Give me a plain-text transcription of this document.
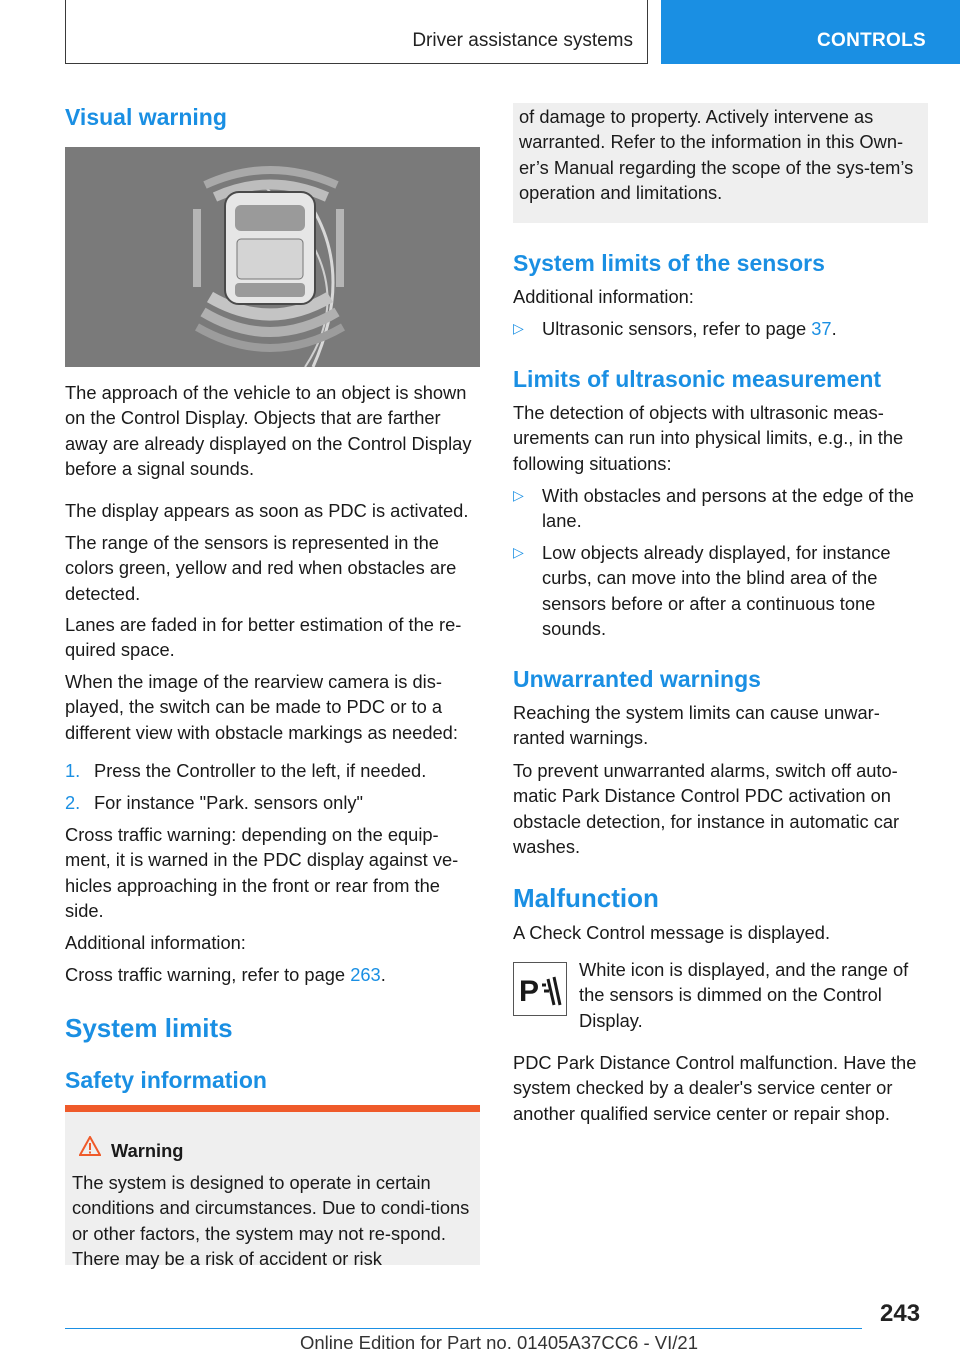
Driver assistance systems	CONTROLS
Visual warning

The approach of the vehicle to an object is shown on the Control Display. Objects that are farther away are already displayed on the Control Display before a signal sounds.

The display appears as soon as PDC is activated.

The range of the sensors is represented in the colors green, yellow and red when obstacles are detected.

Lanes are faded in for better estimation of the re‐quired space.

When the image of the rearview camera is dis‐played, the switch can be made to PDC or to a different view with obstacle markings as needed:

1. Press the Controller to the left, if needed.
2. For instance "Park. sensors only"

Cross traffic warning: depending on the equip‐ment, it is warned in the PDC display against ve‐hicles approaching in the front or rear from the side.

Additional information:

Cross traffic warning, refer to page 263.

System limits
Safety information
Warning

The system is designed to operate in certain conditions and circumstances. Due to condi‐tions or other factors, the system may not re‐spond. There may be a risk of accident or risk

of damage to property. Actively intervene as warranted. Refer to the information in this Own‐er’s Manual regarding the scope of the sys‐tem’s operation and limitations.

System limits of the sensors

Additional information:

▷ Ultrasonic sensors, refer to page 37.
Limits of ultrasonic measurement

The detection of objects with ultrasonic meas‐urements can run into physical limits, e.g., in the following situations:

▷ With obstacles and persons at the edge of the lane.
▷ Low objects already displayed, for instance curbs, can move into the blind area of the sensors before or after a continuous tone sounds.
Unwarranted warnings

Reaching the system limits can cause unwar‐ranted warnings.

To prevent unwarranted alarms, switch off auto‐matic Park Distance Control PDC activation on obstacle detection, for instance in automatic car washes.

Malfunction

A Check Control message is displayed.

P

White icon is displayed, and the range of the sensors is dimmed on the Control Display.

PDC Park Distance Control malfunction. Have the system checked by a dealer's service center or another qualified service center or repair shop.

243
Online Edition for Part no. 01405A37CC6 - VI/21
